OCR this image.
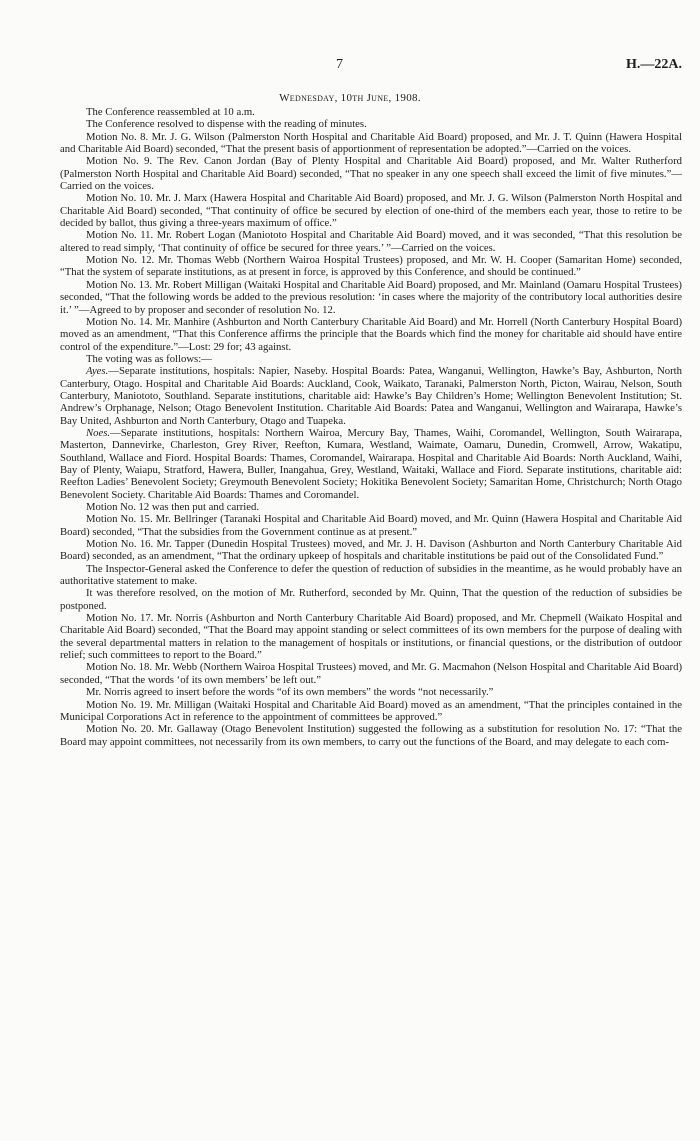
7	H.—22A.
Wednesday, 10th June, 1908.

The Conference reassembled at 10 a.m.

The Conference resolved to dispense with the reading of minutes.

Motion No. 8. Mr. J. G. Wilson (Palmerston North Hospital and Charitable Aid Board) proposed, and Mr. J. T. Quinn (Hawera Hospital and Charitable Aid Board) seconded, “That the present basis of apportionment of representation be adopted.”—Carried on the voices.

Motion No. 9. The Rev. Canon Jordan (Bay of Plenty Hospital and Charitable Aid Board) proposed, and Mr. Walter Rutherford (Palmerston North Hospital and Charitable Aid Board) seconded, “That no speaker in any one speech shall exceed the limit of five minutes.”—Carried on the voices.

Motion No. 10. Mr. J. Marx (Hawera Hospital and Charitable Aid Board) proposed, and Mr. J. G. Wilson (Palmerston North Hospital and Charitable Aid Board) seconded, “That continuity of office be secured by election of one-third of the members each year, those to retire to be decided by ballot, thus giving a three-years maximum of office.”

Motion No. 11. Mr. Robert Logan (Maniototo Hospital and Charitable Aid Board) moved, and it was seconded, “That this resolution be altered to read simply, ‘That continuity of office be secured for three years.’ ”—Carried on the voices.

Motion No. 12. Mr. Thomas Webb (Northern Wairoa Hospital Trustees) proposed, and Mr. W. H. Cooper (Samaritan Home) seconded, “That the system of separate institutions, as at present in force, is approved by this Conference, and should be continued.”

Motion No. 13. Mr. Robert Milligan (Waitaki Hospital and Charitable Aid Board) proposed, and Mr. Mainland (Oamaru Hospital Trustees) seconded, “That the following words be added to the previous resolution: ‘in cases where the majority of the contributory local authorities desire it.’ ”—Agreed to by proposer and seconder of resolution No. 12.

Motion No. 14. Mr. Manhire (Ashburton and North Canterbury Charitable Aid Board) and Mr. Horrell (North Canterbury Hospital Board) moved as an amendment, “That this Conference affirms the principle that the Boards which find the money for charitable aid should have entire control of the expenditure.”—Lost: 29 for; 43 against.

The voting was as follows:—

Ayes.—Separate institutions, hospitals: Napier, Naseby. Hospital Boards: Patea, Wanganui, Wellington, Hawke’s Bay, Ashburton, North Canterbury, Otago. Hospital and Charitable Aid Boards: Auckland, Cook, Waikato, Taranaki, Palmerston North, Picton, Wairau, Nelson, South Canterbury, Maniototo, Southland. Separate institutions, charitable aid: Hawke’s Bay Children’s Home; Wellington Benevolent Institution; St. Andrew’s Orphanage, Nelson; Otago Benevolent Institution. Charitable Aid Boards: Patea and Wanganui, Wellington and Wairarapa, Hawke’s Bay United, Ashburton and North Canterbury, Otago and Tuapeka.

Noes.—Separate institutions, hospitals: Northern Wairoa, Mercury Bay, Thames, Waihi, Coromandel, Wellington, South Wairarapa, Masterton, Dannevirke, Charleston, Grey River, Reefton, Kumara, Westland, Waimate, Oamaru, Dunedin, Cromwell, Arrow, Wakatipu, Southland, Wallace and Fiord. Hospital Boards: Thames, Coromandel, Wairarapa. Hospital and Charitable Aid Boards: North Auckland, Waihi, Bay of Plenty, Waiapu, Stratford, Hawera, Buller, Inangahua, Grey, Westland, Waitaki, Wallace and Fiord. Separate institutions, charitable aid: Reefton Ladies’ Benevolent Society; Greymouth Benevolent Society; Hokitika Benevolent Society; Samaritan Home, Christchurch; North Otago Benevolent Society. Charitable Aid Boards: Thames and Coromandel.

Motion No. 12 was then put and carried.

Motion No. 15. Mr. Bellringer (Taranaki Hospital and Charitable Aid Board) moved, and Mr. Quinn (Hawera Hospital and Charitable Aid Board) seconded, “That the subsidies from the Government continue as at present.”

Motion No. 16. Mr. Tapper (Dunedin Hospital Trustees) moved, and Mr. J. H. Davison (Ashburton and North Canterbury Charitable Aid Board) seconded, as an amendment, “That the ordinary upkeep of hospitals and charitable institutions be paid out of the Consolidated Fund.”

The Inspector-General asked the Conference to defer the question of reduction of subsidies in the meantime, as he would probably have an authoritative statement to make.

It was therefore resolved, on the motion of Mr. Rutherford, seconded by Mr. Quinn, That the question of the reduction of subsidies be postponed.

Motion No. 17. Mr. Norris (Ashburton and North Canterbury Charitable Aid Board) proposed, and Mr. Chepmell (Waikato Hospital and Charitable Aid Board) seconded, “That the Board may appoint standing or select committees of its own members for the purpose of dealing with the several departmental matters in relation to the management of hospitals or institutions, or financial questions, or the distribution of outdoor relief; such committees to report to the Board.”

Motion No. 18. Mr. Webb (Northern Wairoa Hospital Trustees) moved, and Mr. G. Macmahon (Nelson Hospital and Charitable Aid Board) seconded, “That the words ‘of its own members’ be left out.”

Mr. Norris agreed to insert before the words “of its own members” the words “not necessarily.”

Motion No. 19. Mr. Milligan (Waitaki Hospital and Charitable Aid Board) moved as an amendment, “That the principles contained in the Municipal Corporations Act in reference to the appointment of committees be approved.”

Motion No. 20. Mr. Gallaway (Otago Benevolent Institution) suggested the following as a substitution for resolution No. 17: “That the Board may appoint committees, not necessarily from its own members, to carry out the functions of the Board, and may delegate to each com-
